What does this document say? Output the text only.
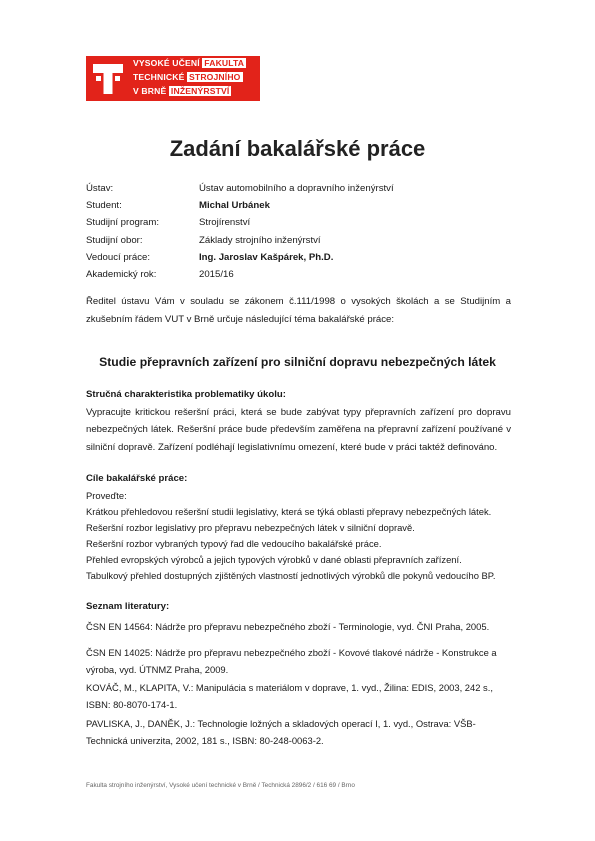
VYSOKÉ UČENÍ FAKULTA
TECHNICKÉ STROJNÍHO
V BRNĚ INŽENÝRSTVÍ
Zadání bakalářské práce
Ústav:	Ústav automobilního a dopravního inženýrství
Student:	Michal Urbánek
Studijní program:	Strojírenství
Studijní obor:	Základy strojního inženýrství
Vedoucí práce:	Ing. Jaroslav Kašpárek, Ph.D.
Akademický rok:	2015/16
Ředitel ústavu Vám v souladu se zákonem č.111/1998 o vysokých školách a se Studijním a zkušebním řádem VUT v Brně určuje následující téma bakalářské práce:
Studie přepravních zařízení pro silniční dopravu nebezpečných látek
Stručná charakteristika problematiky úkolu:
Vypracujte kritickou rešeršní práci, která se bude zabývat typy přepravních zařízení pro dopravu nebezpečných látek. Rešeršní práce bude především zaměřena na přepravní zařízení používané v silniční dopravě. Zařízení podléhají legislativnímu omezení, které bude v práci taktéž definováno.
Cíle bakalářské práce:
Proveďte:
Krátkou přehledovou rešeršní studii legislativy, která se týká oblasti přepravy nebezpečných látek.
Rešeršní rozbor legislativy pro přepravu nebezpečných látek v silniční dopravě.
Rešeršní rozbor vybraných typový řad dle vedoucího bakalářské práce.
Přehled evropských výrobců a jejich typových výrobků v dané oblasti přepravních zařízení.
Tabulkový přehled dostupných zjištěných vlastností jednotlivých výrobků dle pokynů vedoucího BP.
Seznam literatury:
ČSN EN 14564: Nádrže pro přepravu nebezpečného zboží - Terminologie, vyd. ČNI Praha, 2005.
ČSN EN 14025: Nádrže pro přepravu nebezpečného zboží - Kovové tlakové nádrže - Konstrukce a výroba, vyd. ÚTNMZ Praha, 2009.
KOVÁČ, M., KLAPITA, V.: Manipulácia s materiálom v doprave, 1. vyd., Žilina: EDIS, 2003, 242 s., ISBN: 80-8070-174-1.
PAVLISKA, J., DANĚK, J.: Technologie ložných a skladových operací I, 1. vyd., Ostrava: VŠB-Technická univerzita, 2002, 181 s., ISBN: 80-248-0063-2.
Fakulta strojního inženýrství, Vysoké učení technické v Brně / Technická 2896/2 / 616 69 / Brno
